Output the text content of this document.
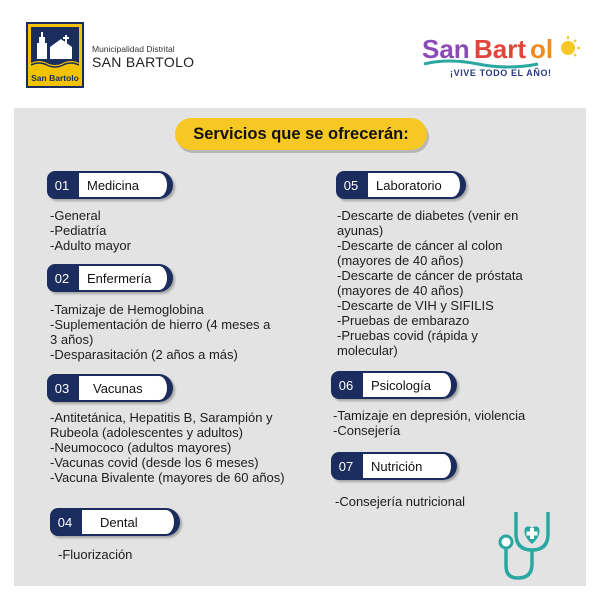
San Bartolo
Municipalidad Distrital
SAN BARTOLO	San Bart ol
¡VIVE TODO EL AÑO!
Servicios que se ofrecerán:
01	Medicina
-General
-Pediatría
-Adulto mayor
02	Enfermería
-Tamizaje de Hemoglobina
-Suplementación de hierro (4 meses a
3 años)
-Desparasitación (2 años a más)
03	Vacunas
-Antitetánica, Hepatitis B, Sarampión y
Rubeola (adolescentes y adultos)
-Neumococo (adultos mayores)
-Vacunas covid (desde los 6 meses)
-Vacuna Bivalente (mayores de 60 años)
04	Dental
-Fluorización
05	Laboratorio
-Descarte de diabetes (venir en
ayunas)
-Descarte de cáncer al colon
(mayores de 40 años)
-Descarte de cáncer de próstata
(mayores de 40 años)
-Descarte de VIH y SIFILIS
-Pruebas de embarazo
-Pruebas covid (rápida y
molecular)
06	Psicología
-Tamizaje en depresión, violencia
-Consejería
07	Nutrición
-Consejería nutricional
